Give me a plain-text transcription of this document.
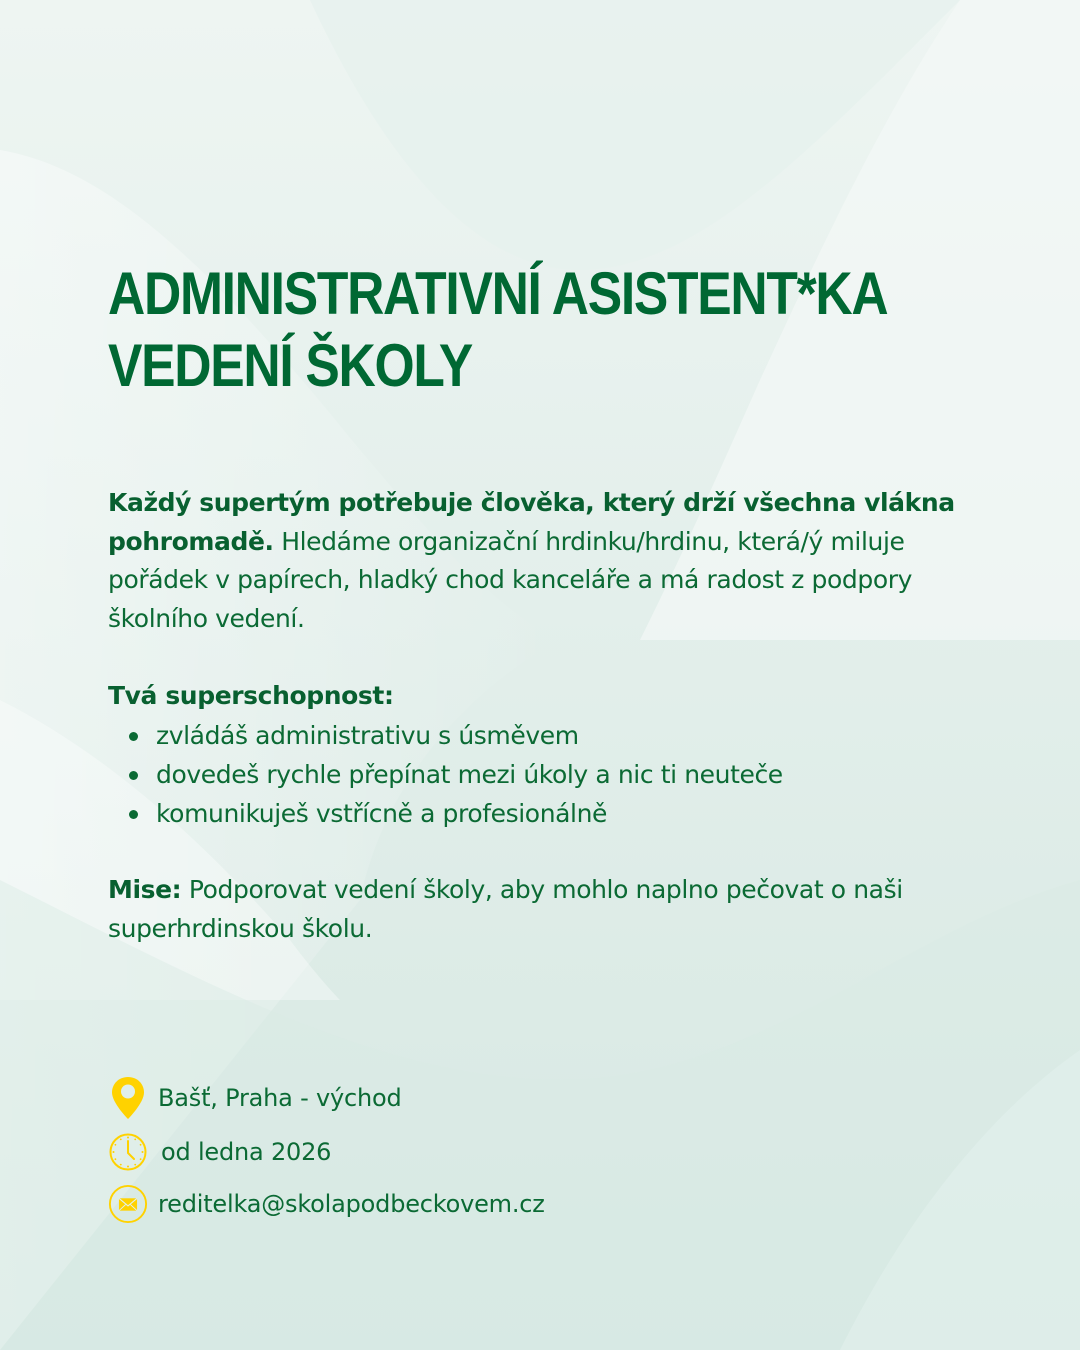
ADMINISTRATIVNÍ ASISTENT*KA
VEDENÍ ŠKOLY

Každý supertým potřebuje člověka, který drží všechna vlákna pohromadě. Hledáme organizační hrdinku/hrdinu, která/ý miluje pořádek v papírech, hladký chod kanceláře a má radost z podpory školního vedení.

Tvá superschopnost:
zvládáš administrativu s úsměvem
dovedeš rychle přepínat mezi úkoly a nic ti neuteče
komunikuješ vstřícně a profesionálně

Mise: Podporovat vedení školy, aby mohlo naplno pečovat o naši superhrdinskou školu.

Bašť, Praha - východ
od ledna 2026
reditelka@skolapodbeckovem.cz
